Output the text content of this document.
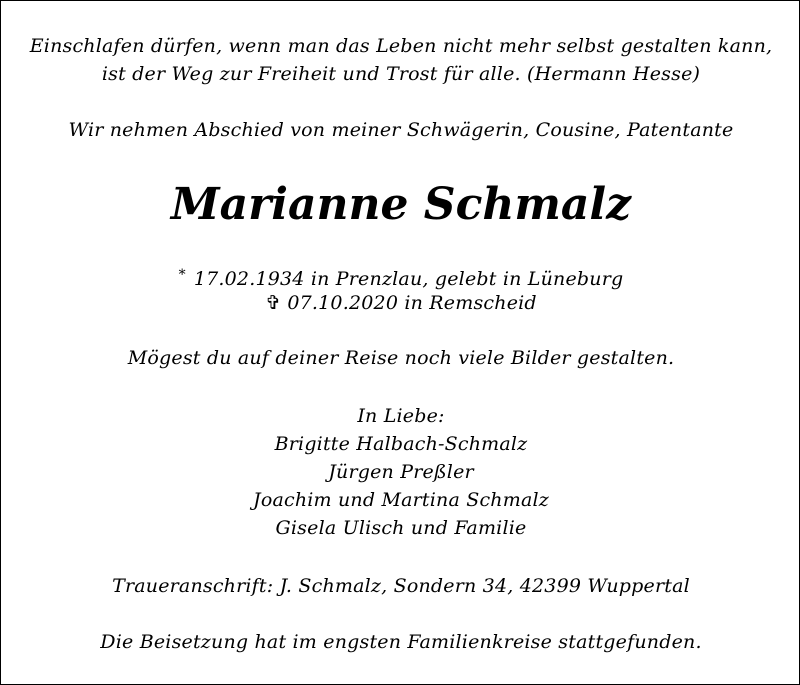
Einschlafen dürfen, wenn man das Leben nicht mehr selbst gestalten kann,
ist der Weg zur Freiheit und Trost für alle. (Hermann Hesse)
Wir nehmen Abschied von meiner Schwägerin, Cousine, Patentante
Marianne Schmalz
* 17.02.1934 in Prenzlau, gelebt in Lüneburg
✞ 07.10.2020 in Remscheid
Mögest du auf deiner Reise noch viele Bilder gestalten.
In Liebe:
Brigitte Halbach-Schmalz
Jürgen Preßler
Joachim und Martina Schmalz
Gisela Ulisch und Familie
Traueranschrift: J. Schmalz, Sondern 34, 42399 Wuppertal
Die Beisetzung hat im engsten Familienkreise stattgefunden.
